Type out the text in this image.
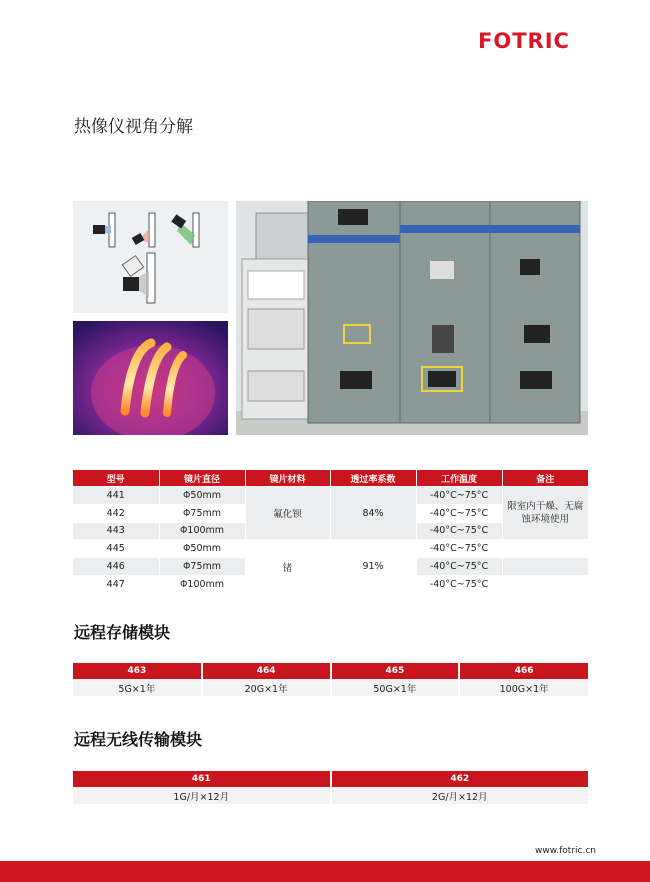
FOTRIC
热像仪视角分解
型号	镜片直径	镜片材料	透过率系数	工作温度	备注
441	Φ50mm	氟化钡	84%	-40°C~75°C	限室内干燥、无腐蚀环境使用
442	Φ75mm			-40°C~75°C	
443	Φ100mm			-40°C~75°C	
445	Φ50mm	锗	91%	-40°C~75°C	
446	Φ75mm			-40°C~75°C	
447	Φ100mm			-40°C~75°C	
远程存储模块
463	464	465	466
5G×1年	20G×1年	50G×1年	100G×1年
远程无线传输模块
461	462
1G/月×12月	2G/月×12月
www.fotric.cn
